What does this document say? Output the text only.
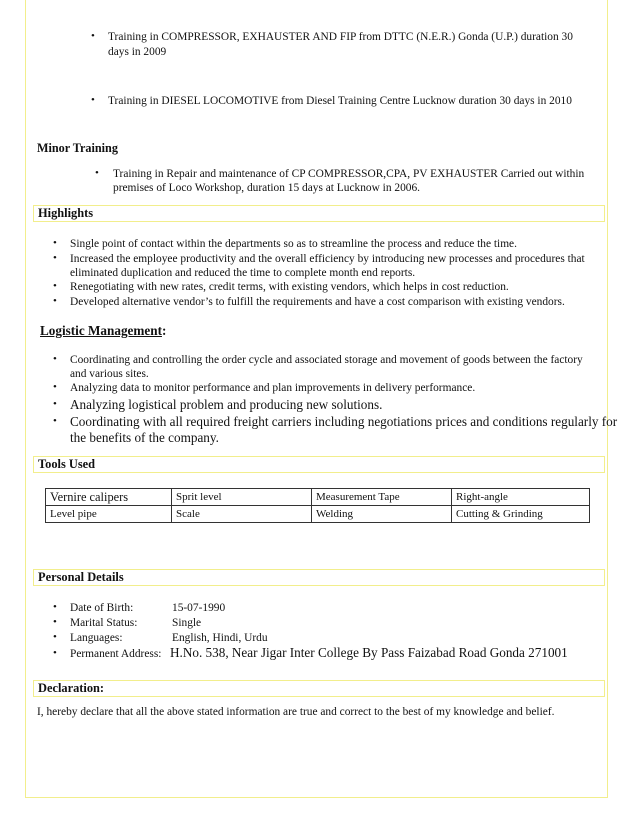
• Training in COMPRESSOR, EXHAUSTER AND FIP from DTTC (N.E.R.) Gonda (U.P.) duration 30
days in 2009
• Training in DIESEL LOCOMOTIVE from Diesel Training Centre Lucknow duration 30 days in 2010
Minor Training
• Training in Repair and maintenance of CP COMPRESSOR,CPA, PV EXHAUSTER Carried out within
premises of Loco Workshop, duration 15 days at Lucknow in 2006.
Highlights
• Single point of contact within the departments so as to streamline the process and reduce the time.
• Increased the employee productivity and the overall efficiency by introducing new processes and procedures that
eliminated duplication and reduced the time to complete month end reports.
• Renegotiating with new rates, credit terms, with existing vendors, which helps in cost reduction.
• Developed alternative vendor’s to fulfill the requirements and have a cost comparison with existing vendors.
Logistic Management:
• Coordinating and controlling the order cycle and associated storage and movement of goods between the factory
and various sites.
• Analyzing data to monitor performance and plan improvements in delivery performance.
• Analyzing logistical problem and producing new solutions.
• Coordinating with all required freight carriers including negotiations prices and conditions regularly for
the benefits of the company.
Tools Used
Vernire calipers	Sprit level	Measurement Tape	Right-angle
Level pipe	Scale	Welding	Cutting & Grinding
Personal Details
• Date of Birth:	15-07-1990
• Marital Status:	Single
• Languages:	English, Hindi, Urdu
• Permanent Address: H.No. 538, Near Jigar Inter College By Pass Faizabad Road Gonda 271001
Declaration:
I, hereby declare that all the above stated information are true and correct to the best of my knowledge and belief.
